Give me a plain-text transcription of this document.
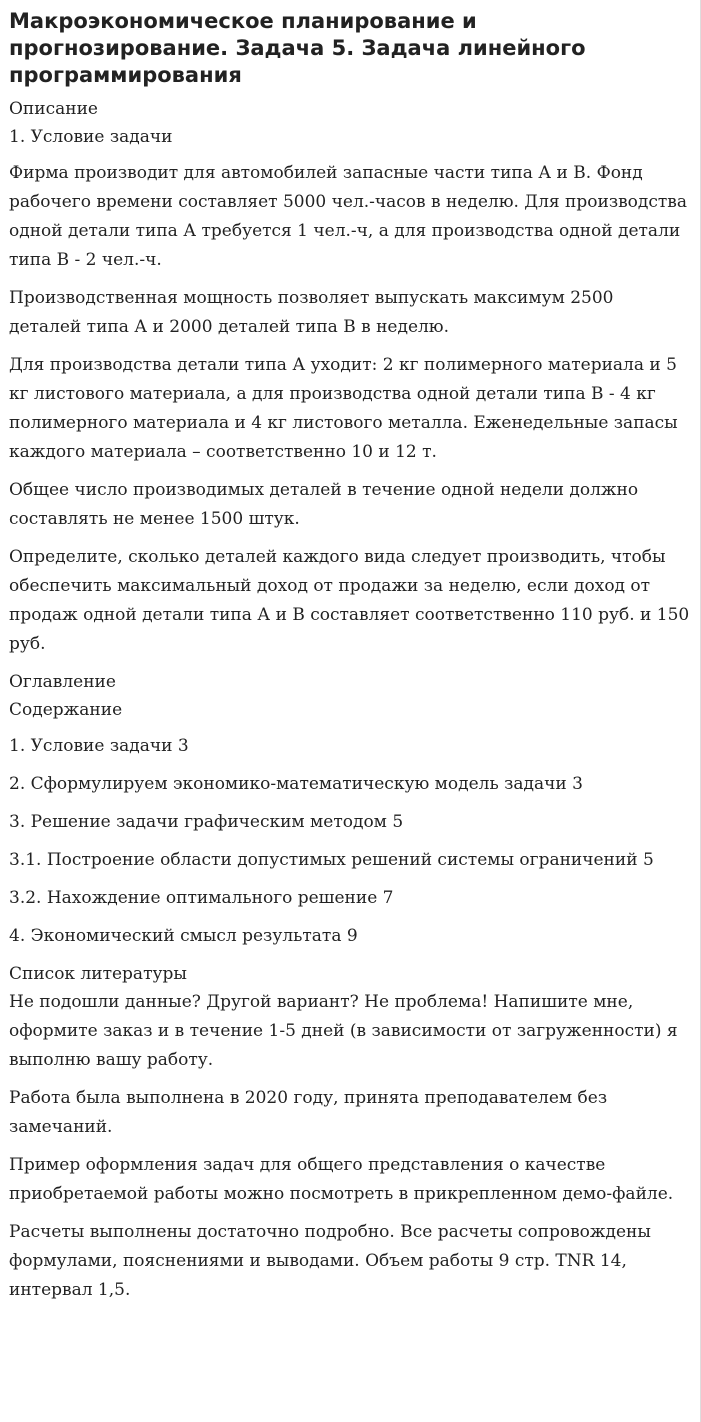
Макроэкономическое планирование и прогнозирование. Задача 5. Задача линейного программирования

Описание

1. Условие задачи

Фирма производит для автомобилей запасные части типа А и В. Фонд рабочего времени составляет 5000 чел.-часов в неделю. Для производства одной детали типа А требуется 1 чел.-ч, а для производства одной детали типа В - 2 чел.-ч.

Производственная мощность позволяет выпускать максимум 2500 деталей типа А и 2000 деталей типа В в неделю.

Для производства детали типа А уходит: 2 кг полимерного материала и 5 кг листового материала, а для производства одной детали типа В - 4 кг полимерного материала и 4 кг листового металла. Еженедельные запасы каждого материала – соответственно 10 и 12 т.

Общее число производимых деталей в течение одной недели должно составлять не менее 1500 штук.

Определите, сколько деталей каждого вида следует производить, чтобы обеспечить максимальный доход от продажи за неделю, если доход от продаж одной детали типа А и В составляет соответственно 110 руб. и 150 руб.

Оглавление

Содержание

1. Условие задачи 3

2. Сформулируем экономико-математическую модель задачи 3

3. Решение задачи графическим методом 5

3.1. Построение области допустимых решений системы ограничений 5

3.2. Нахождение оптимального решение 7

4. Экономический смысл результата 9

Список литературы

Не подошли данные? Другой вариант? Не проблема! Напишите мне, оформите заказ и в течение 1-5 дней (в зависимости от загруженности) я выполню вашу работу.

Работа была выполнена в 2020 году, принята преподавателем без замечаний.

Пример оформления задач для общего представления о качестве приобретаемой работы можно посмотреть в прикрепленном демо-файле.

Расчеты выполнены достаточно подробно. Все расчеты сопровождены формулами, пояснениями и выводами. Объем работы 9 стр. TNR 14, интервал 1,5.
